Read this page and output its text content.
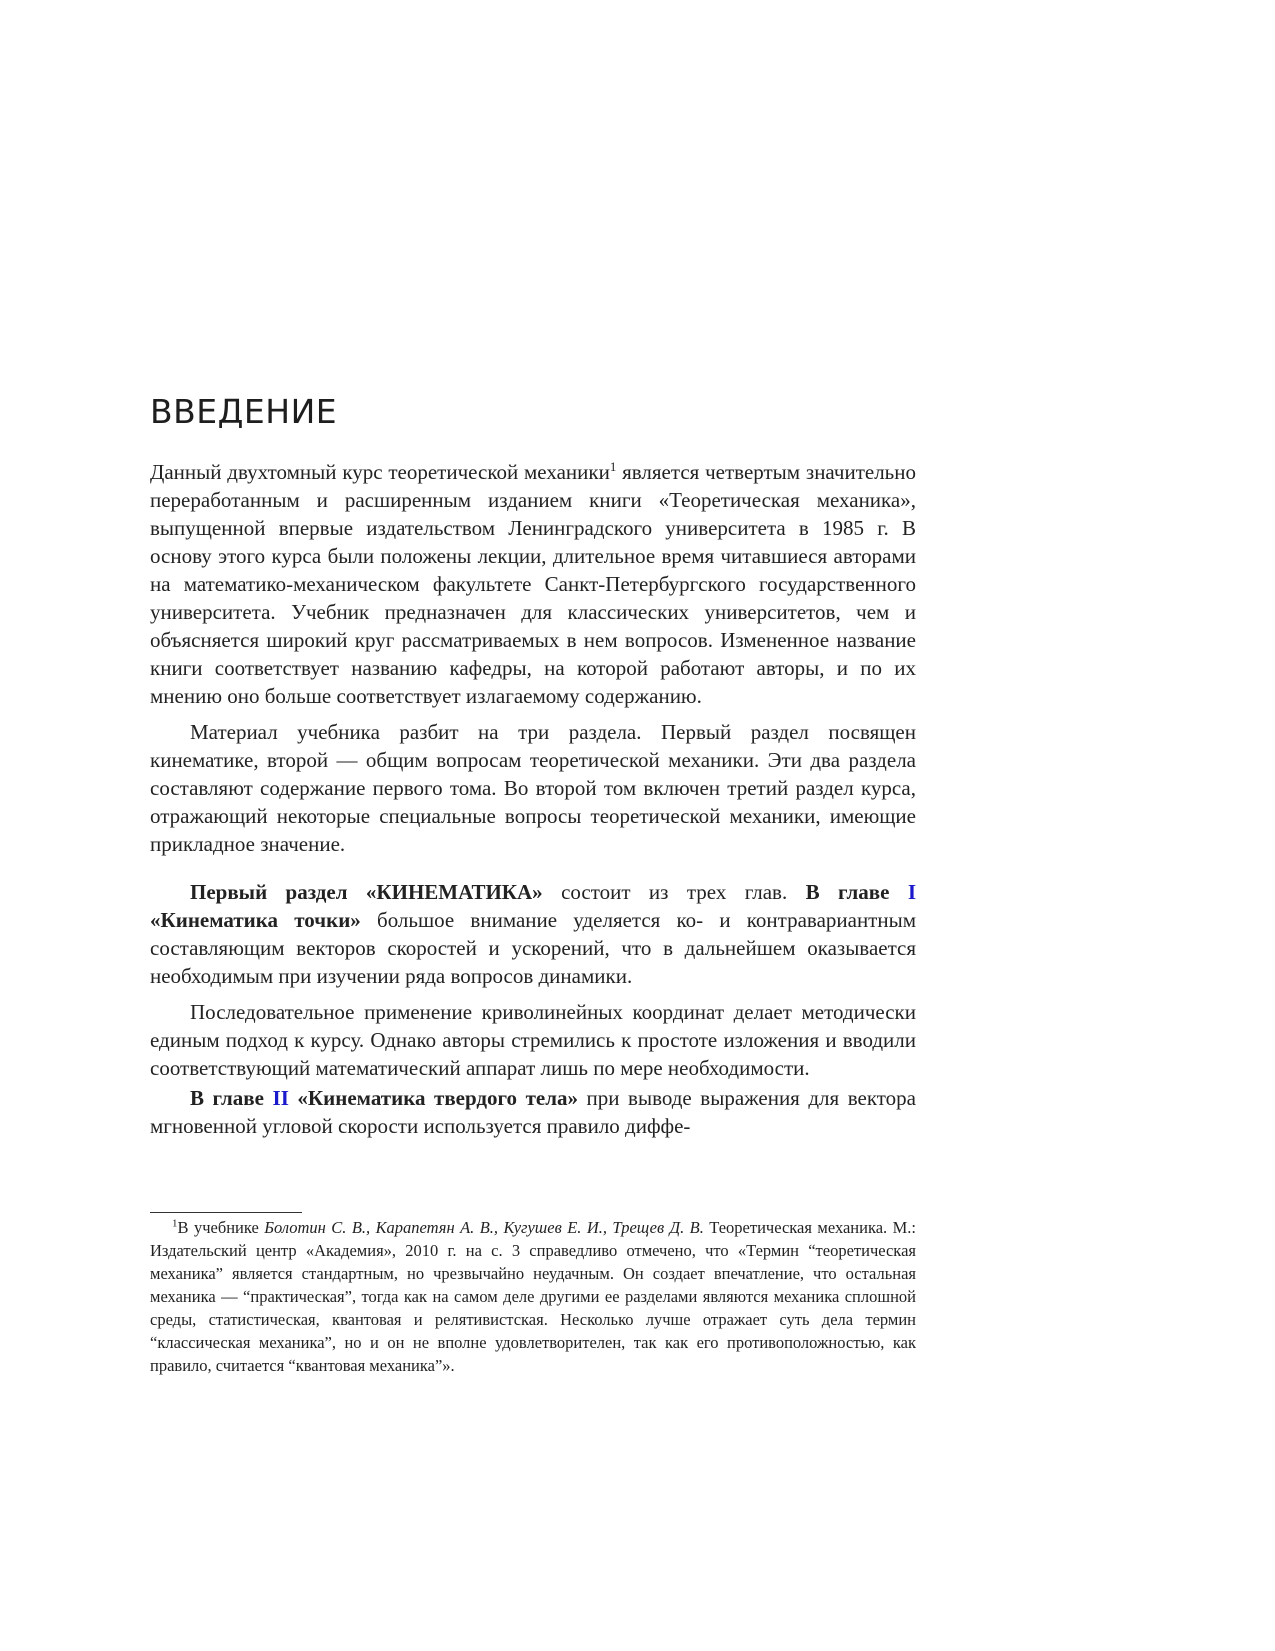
ВВЕДЕНИЕ

Данный двухтомный курс теоретической механики$^1$ является четвертым значительно переработанным и расширенным изданием книги «Теоретическая механика», выпущенной впервые издательством Ленинградского университета в 1985 г. В основу этого курса были положены лекции, длительное время читавшиеся авторами на математико-механическом факультете Санкт-Петербургского государственного университета. Учебник предназначен для классических университетов, чем и объясняется широкий круг рассматриваемых в нем вопросов. Измененное название книги соответствует названию кафедры, на которой работают авторы, и по их мнению оно больше соответствует излагаемому содержанию.

Материал учебника разбит на три раздела. Первый раздел посвящен кинематике, второй — общим вопросам теоретической механики. Эти два раздела составляют содержание первого тома. Во второй том включен третий раздел курса, отражающий некоторые специальные вопросы теоретической механики, имеющие прикладное значение.

Первый раздел «КИНЕМАТИКА» состоит из трех глав. В главе I «Кинематика точки» большое внимание уделяется ко- и контравариантным составляющим векторов скоростей и ускорений, что в дальнейшем оказывается необходимым при изучении ряда вопросов динамики.

Последовательное применение криволинейных координат делает методически единым подход к курсу. Однако авторы стремились к простоте изложения и вводили соответствующий математический аппарат лишь по мере необходимости.

В главе II «Кинематика твердого тела» при выводе выражения для вектора мгновенной угловой скорости используется правило диффе-

$^1$В учебнике Болотин С. В., Карапетян А. В., Кугушев Е. И., Трещев Д. В. Теоретическая механика. М.: Издательский центр «Академия», 2010 г. на с. 3 справедливо отмечено, что «Термин “теоретическая механика” является стандартным, но чрезвычайно неудачным. Он создает впечатление, что остальная механика — “практическая”, тогда как на самом деле другими ее разделами являются механика сплошной среды, статистическая, квантовая и релятивистская. Несколько лучше отражает суть дела термин “классическая механика”, но и он не вполне удовлетворителен, так как его противоположностью, как правило, считается “квантовая механика”».
